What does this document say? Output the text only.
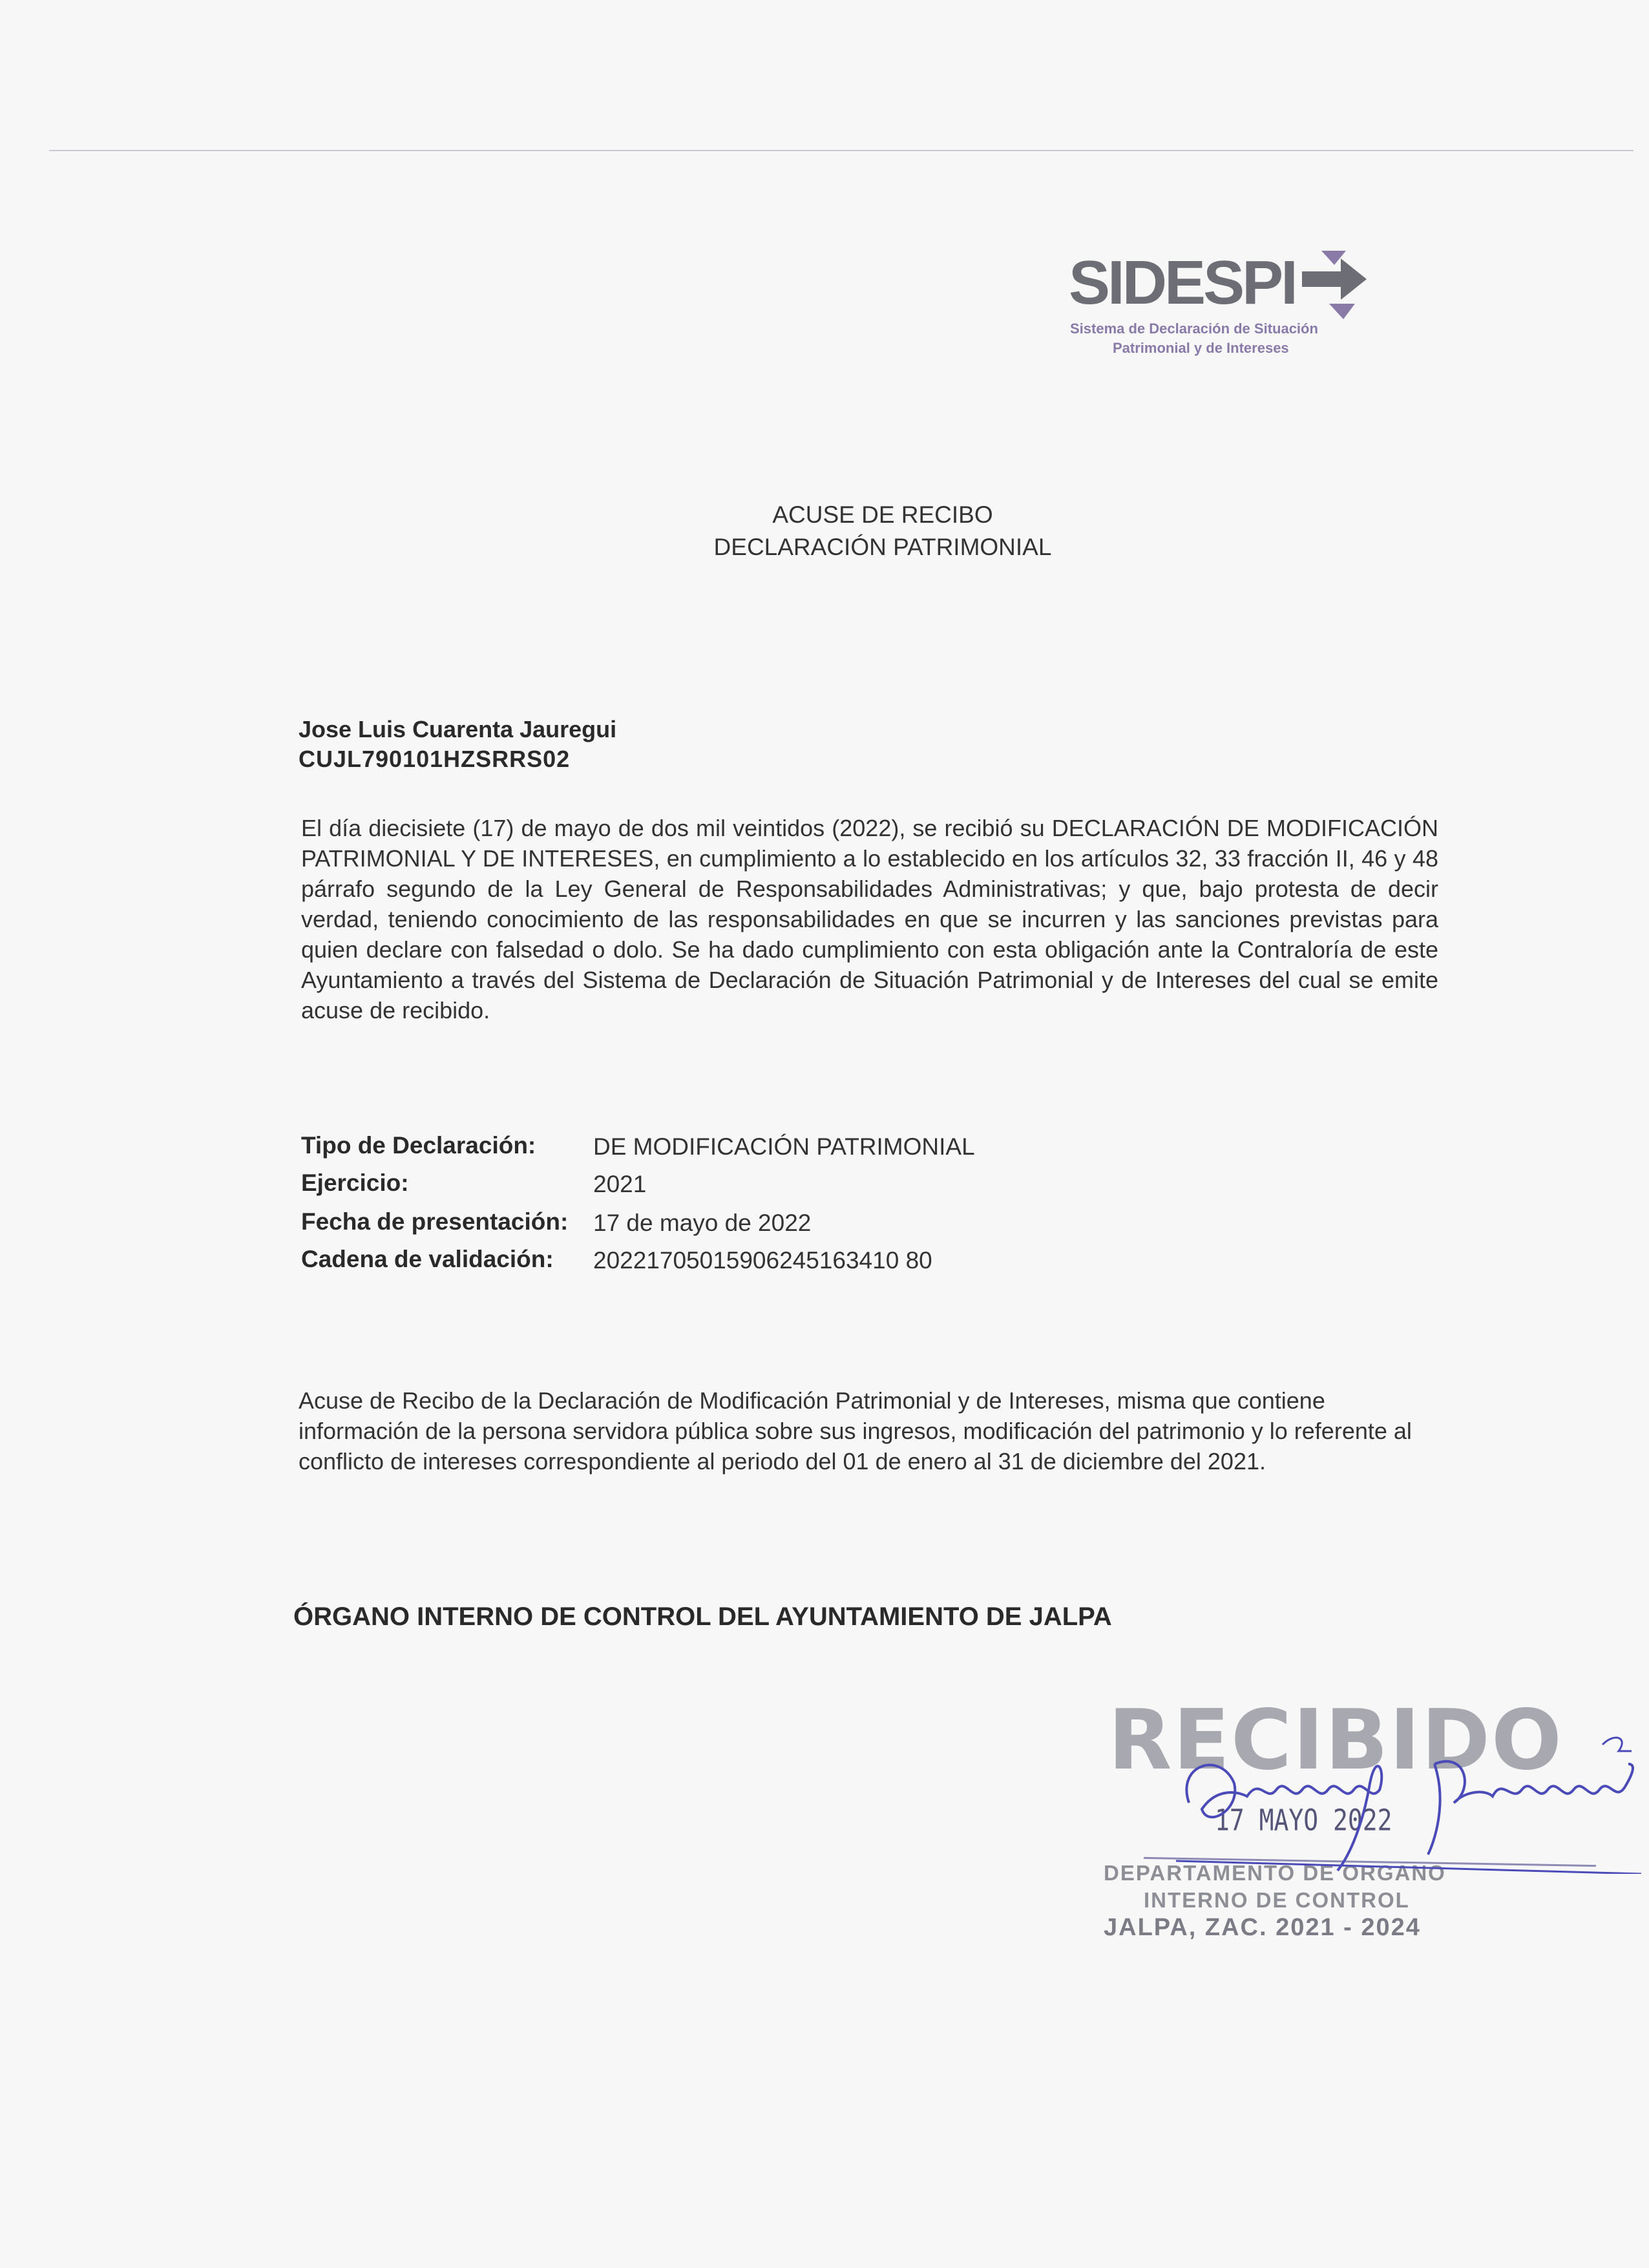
SIDESPI
Sistema de Declaración de Situación
Patrimonial y de Intereses
ACUSE DE RECIBO
DECLARACIÓN PATRIMONIAL
Jose Luis Cuarenta Jauregui
CUJL790101HZSRRS02
El día diecisiete (17) de mayo de dos mil veintidos (2022), se recibió su DECLARACIÓN DE MODIFICACIÓN PATRIMONIAL Y DE INTERESES, en cumplimiento a lo establecido en los artículos 32, 33 fracción II, 46 y 48 párrafo segundo de la Ley General de Responsabilidades Administrativas; y que, bajo protesta de decir verdad, teniendo conocimiento de las responsabilidades en que se incurren y las sanciones previstas para quien declare con falsedad o dolo. Se ha dado cumplimiento con esta obligación ante la Contraloría de este Ayuntamiento a través del Sistema de Declaración de Situación Patrimonial y de Intereses del cual se emite acuse de recibido.
Tipo de Declaración: DE MODIFICACIÓN PATRIMONIAL
Ejercicio:	2021
Fecha de presentación: 17 de mayo de 2022
Cadena de validación: 20221705015906245163410 80
Acuse de Recibo de la Declaración de Modificación Patrimonial y de Intereses, misma que contiene información de la persona servidora pública sobre sus ingresos, modificación del patrimonio y lo referente al conflicto de intereses correspondiente al periodo del 01 de enero al 31 de diciembre del 2021.
ÓRGANO INTERNO DE CONTROL DEL AYUNTAMIENTO DE JALPA
RECIBIDO
17 MAYO 2022
DEPARTAMENTO DE ORGANO
INTERNO DE CONTROL
JALPA, ZAC. 2021 - 2024
